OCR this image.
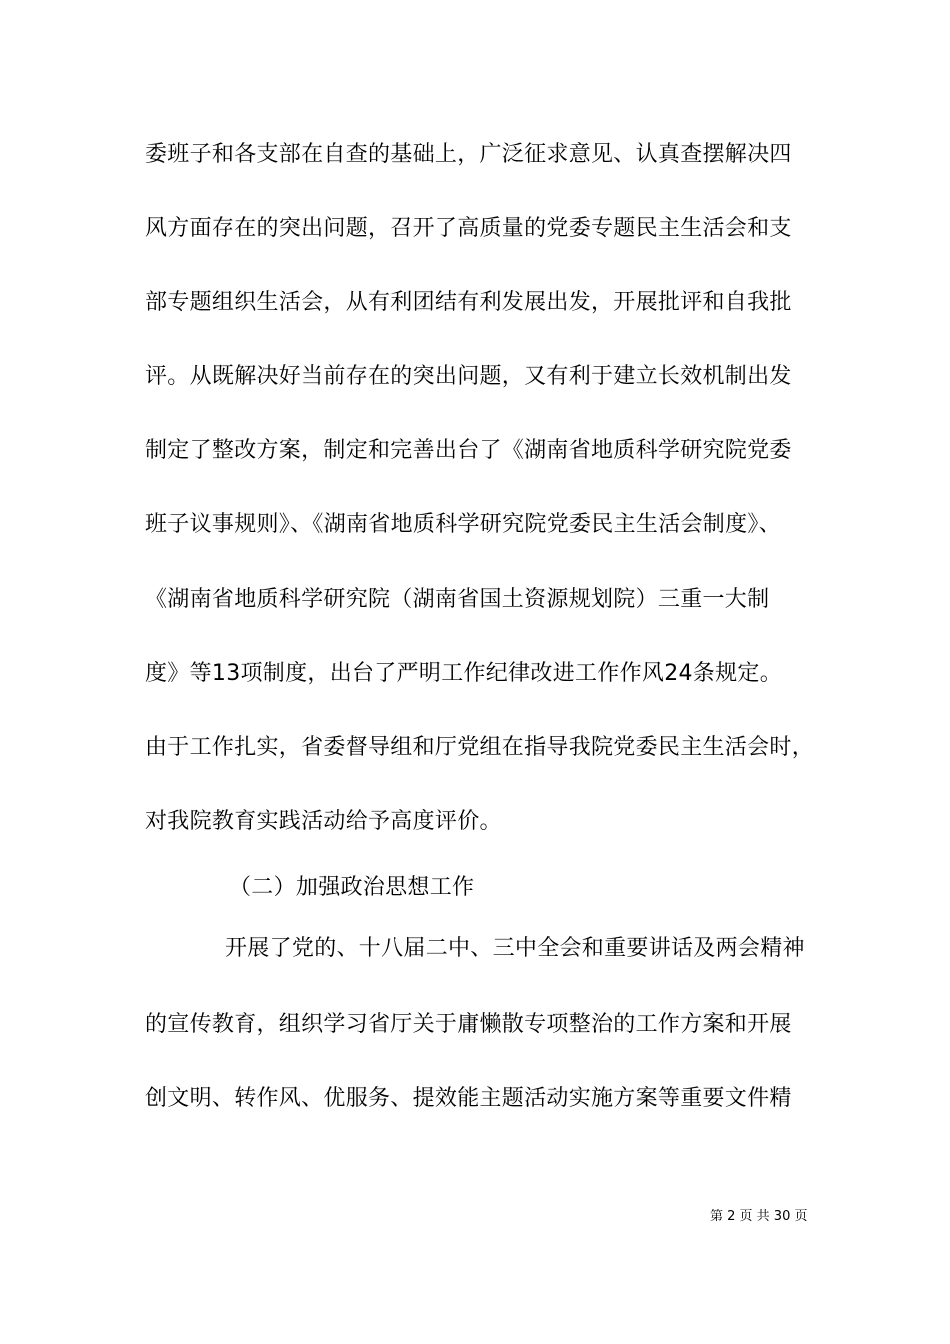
委班子和各支部在自查的基础上，广泛征求意见、认真查摆解决四
风方面存在的突出问题，召开了高质量的党委专题民主生活会和支
部专题组织生活会，从有利团结有利发展出发，开展批评和自我批
评。从既解决好当前存在的突出问题，又有利于建立长效机制出发
制定了整改方案，制定和完善出台了《湖南省地质科学研究院党委
班子议事规则》、《湖南省地质科学研究院党委民主生活会制度》、
《湖南省地质科学研究院（湖南省国土资源规划院）三重一大制
度》等13项制度，出台了严明工作纪律改进工作作风24条规定。
由于工作扎实，省委督导组和厅党组在指导我院党委民主生活会时，
对我院教育实践活动给予高度评价。
（二）加强政治思想工作
开展了党的、十八届二中、三中全会和重要讲话及两会精神
的宣传教育，组织学习省厅关于庸懒散专项整治的工作方案和开展
创文明、转作风、优服务、提效能主题活动实施方案等重要文件精
第 2 页 共 30 页
